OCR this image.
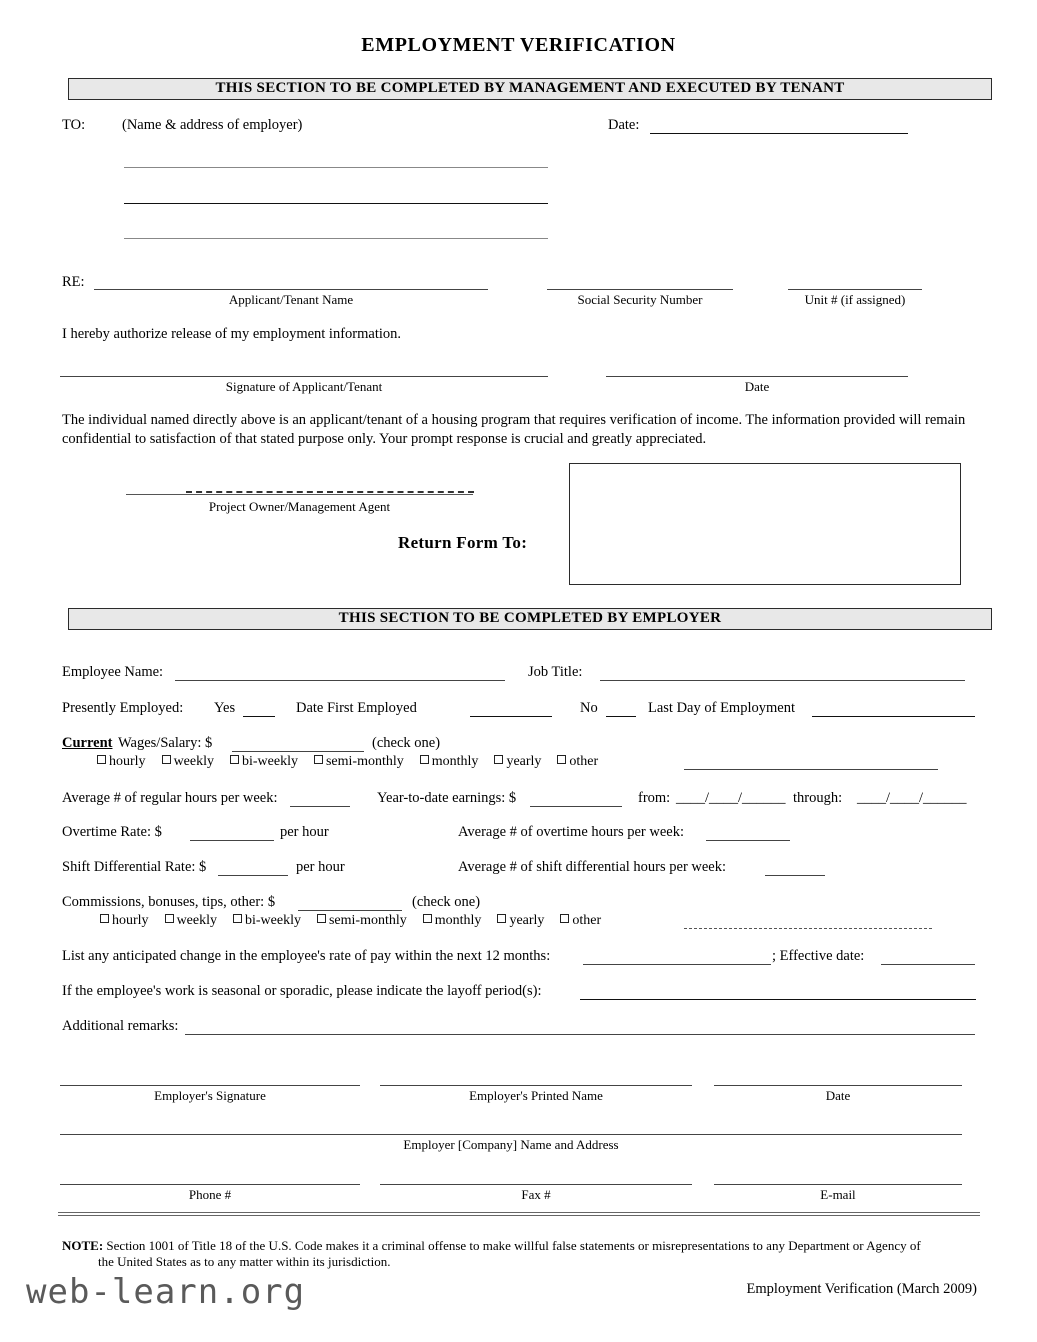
EMPLOYMENT VERIFICATION
THIS SECTION TO BE COMPLETED BY MANAGEMENT AND EXECUTED BY TENANT
TO:	(Name & address of employer)	Date:
RE:
Applicant/Tenant Name	Social Security Number	Unit # (if assigned)
I hereby authorize release of my employment information.
Signature of Applicant/Tenant	Date
The individual named directly above is an applicant/tenant of a housing program that requires verification of income. The information provided will remain confidential to satisfaction of that stated purpose only. Your prompt response is crucial and greatly appreciated.
Project Owner/Management Agent
Return Form To:
THIS SECTION TO BE COMPLETED BY EMPLOYER
Employee Name:	Job Title:
Presently Employed: Yes	Date First Employed	No	Last Day of Employment
Current Wages/Salary: $	(check one)
hourly weekly bi-weekly semi-monthly monthly yearly other
Average # of regular hours per week:	Year-to-date earnings: $	from: ____/____/______ through: ____/____/______
Overtime Rate: $	per hour	Average # of overtime hours per week:
Shift Differential Rate: $	per hour	Average # of shift differential hours per week:
Commissions, bonuses, tips, other: $	(check one)
hourly weekly bi-weekly semi-monthly monthly yearly other
List any anticipated change in the employee's rate of pay within the next 12 months:	; Effective date:
If the employee's work is seasonal or sporadic, please indicate the layoff period(s):
Additional remarks:
Employer's Signature	Employer's Printed Name	Date
Employer [Company] Name and Address
Phone #	Fax #	E-mail
NOTE: Section 1001 of Title 18 of the U.S. Code makes it a criminal offense to make willful false statements or misrepresentations to any Department or Agency of
the United States as to any matter within its jurisdiction.
web-learn.org	Employment Verification (March 2009)
